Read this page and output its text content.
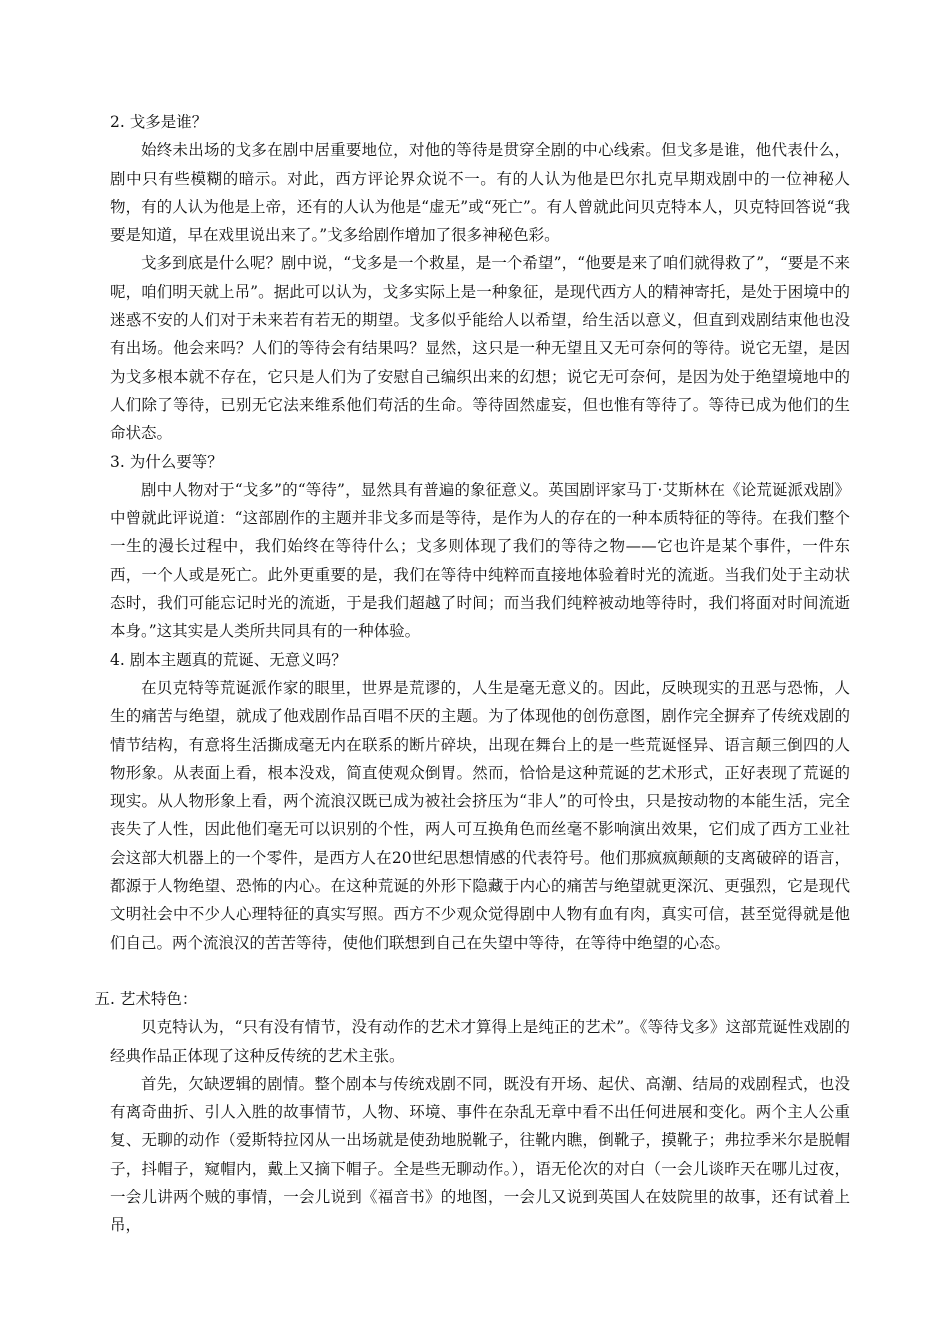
2. 戈多是谁？

始终未出场的戈多在剧中居重要地位，对他的等待是贯穿全剧的中心线索。但戈多是谁，他代表什么，剧中只有些模糊的暗示。对此，西方评论界众说不一。有的人认为他是巴尔扎克早期戏剧中的一位神秘人物，有的人认为他是上帝，还有的人认为他是“虚无”或“死亡”。有人曾就此问贝克特本人，贝克特回答说“我要是知道，早在戏里说出来了。”戈多给剧作增加了很多神秘色彩。

戈多到底是什么呢？剧中说，“戈多是一个救星，是一个希望”，“他要是来了咱们就得救了”，“要是不来呢，咱们明天就上吊”。据此可以认为，戈多实际上是一种象征，是现代西方人的精神寄托，是处于困境中的迷惑不安的人们对于未来若有若无的期望。戈多似乎能给人以希望，给生活以意义，但直到戏剧结束他也没有出场。他会来吗？人们的等待会有结果吗？显然，这只是一种无望且又无可奈何的等待。说它无望，是因为戈多根本就不存在，它只是人们为了安慰自己编织出来的幻想；说它无可奈何，是因为处于绝望境地中的人们除了等待，已别无它法来维系他们苟活的生命。等待固然虚妄，但也惟有等待了。等待已成为他们的生命状态。

3. 为什么要等？

剧中人物对于“戈多”的“等待”，显然具有普遍的象征意义。英国剧评家马丁·艾斯林在《论荒诞派戏剧》中曾就此评说道：“这部剧作的主题并非戈多而是等待，是作为人的存在的一种本质特征的等待。在我们整个一生的漫长过程中，我们始终在等待什么；戈多则体现了我们的等待之物——它也许是某个事件，一件东西，一个人或是死亡。此外更重要的是，我们在等待中纯粹而直接地体验着时光的流逝。当我们处于主动状态时，我们可能忘记时光的流逝，于是我们超越了时间；而当我们纯粹被动地等待时，我们将面对时间流逝本身。”这其实是人类所共同具有的一种体验。

4. 剧本主题真的荒诞、无意义吗？

在贝克特等荒诞派作家的眼里，世界是荒谬的，人生是毫无意义的。因此，反映现实的丑恶与恐怖，人生的痛苦与绝望，就成了他戏剧作品百唱不厌的主题。为了体现他的创伤意图，剧作完全摒弃了传统戏剧的情节结构，有意将生活撕成毫无内在联系的断片碎块，出现在舞台上的是一些荒诞怪异、语言颠三倒四的人物形象。从表面上看，根本没戏，简直使观众倒胃。然而，恰恰是这种荒诞的艺术形式，正好表现了荒诞的现实。从人物形象上看，两个流浪汉既已成为被社会挤压为“非人”的可怜虫，只是按动物的本能生活，完全丧失了人性，因此他们毫无可以识别的个性，两人可互换角色而丝毫不影响演出效果，它们成了西方工业社会这部大机器上的一个零件，是西方人在20世纪思想情感的代表符号。他们那疯疯颠颠的支离破碎的语言，都源于人物绝望、恐怖的内心。在这种荒诞的外形下隐藏于内心的痛苦与绝望就更深沉、更强烈，它是现代文明社会中不少人心理特征的真实写照。西方不少观众觉得剧中人物有血有肉，真实可信，甚至觉得就是他们自己。两个流浪汉的苦苦等待，使他们联想到自己在失望中等待，在等待中绝望的心态。

五. 艺术特色：

贝克特认为，“只有没有情节，没有动作的艺术才算得上是纯正的艺术”。《等待戈多》这部荒诞性戏剧的经典作品正体现了这种反传统的艺术主张。

首先，欠缺逻辑的剧情。整个剧本与传统戏剧不同，既没有开场、起伏、高潮、结局的戏剧程式，也没有离奇曲折、引人入胜的故事情节，人物、环境、事件在杂乱无章中看不出任何进展和变化。两个主人公重复、无聊的动作（爱斯特拉冈从一出场就是使劲地脱靴子，往靴内瞧，倒靴子，摸靴子；弗拉季米尔是脱帽子，抖帽子，窥帽内，戴上又摘下帽子。全是些无聊动作。），语无伦次的对白（一会儿谈昨天在哪儿过夜，一会儿讲两个贼的事情，一会儿说到《福音书》的地图，一会儿又说到英国人在妓院里的故事，还有试着上吊，
